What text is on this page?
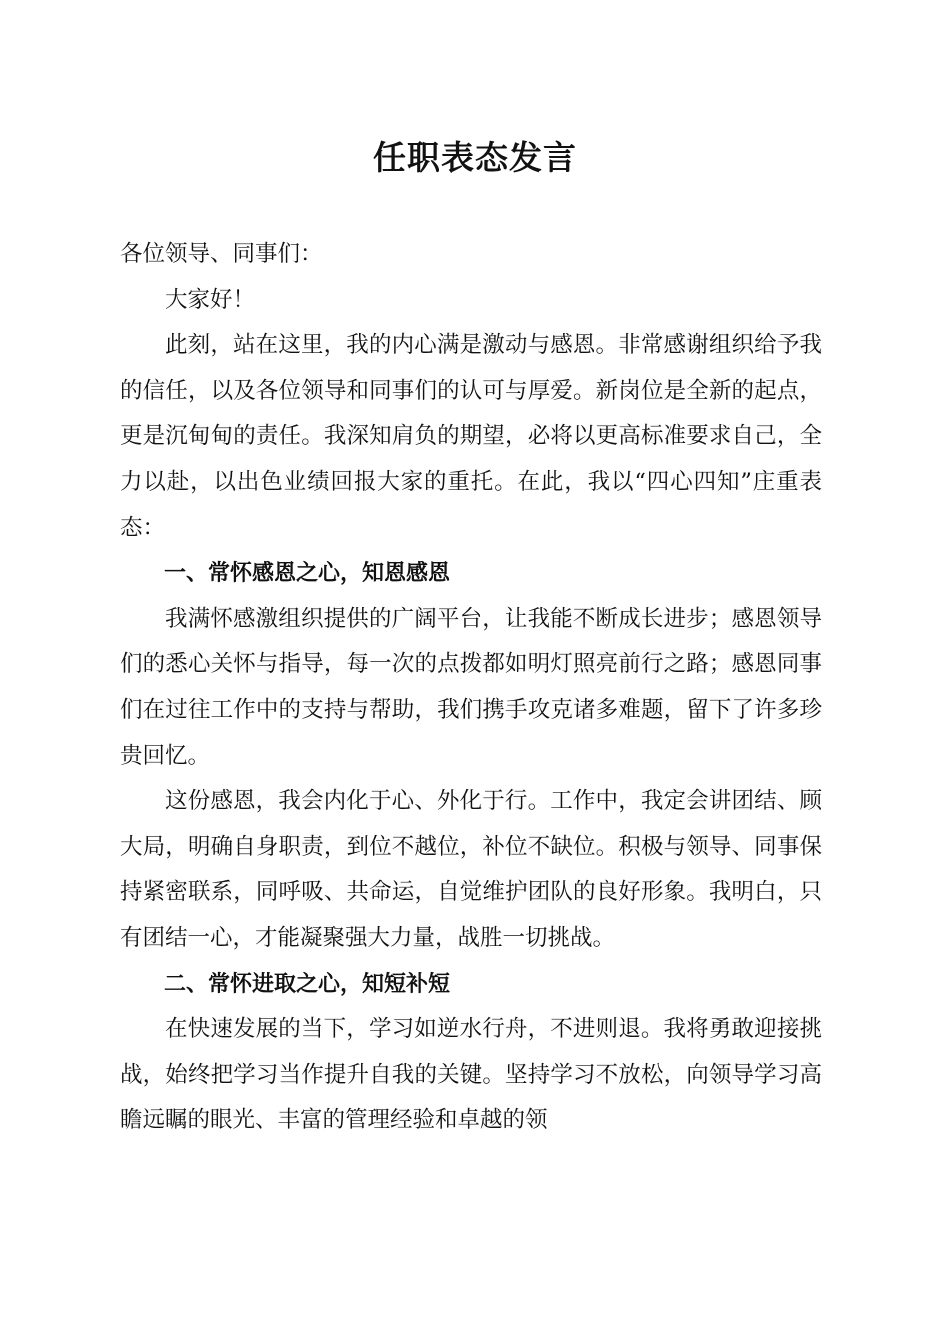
任职表态发言

各位领导、同事们：

大家好！

此刻，站在这里，我的内心满是激动与感恩。非常感谢组织给予我的信任，以及各位领导和同事们的认可与厚爱。新岗位是全新的起点，更是沉甸甸的责任。我深知肩负的期望，必将以更高标准要求自己，全力以赴，以出色业绩回报大家的重托。在此，我以“四心四知”庄重表态：

一、常怀感恩之心，知恩感恩

我满怀感激组织提供的广阔平台，让我能不断成长进步；感恩领导们的悉心关怀与指导，每一次的点拨都如明灯照亮前行之路；感恩同事们在过往工作中的支持与帮助，我们携手攻克诸多难题，留下了许多珍贵回忆。

这份感恩，我会内化于心、外化于行。工作中，我定会讲团结、顾大局，明确自身职责，到位不越位，补位不缺位。积极与领导、同事保持紧密联系，同呼吸、共命运，自觉维护团队的良好形象。我明白，只有团结一心，才能凝聚强大力量，战胜一切挑战。

二、常怀进取之心，知短补短

在快速发展的当下，学习如逆水行舟，不进则退。我将勇敢迎接挑战，始终把学习当作提升自我的关键。坚持学习不放松，向领导学习高瞻远瞩的眼光、丰富的管理经验和卓越的领
